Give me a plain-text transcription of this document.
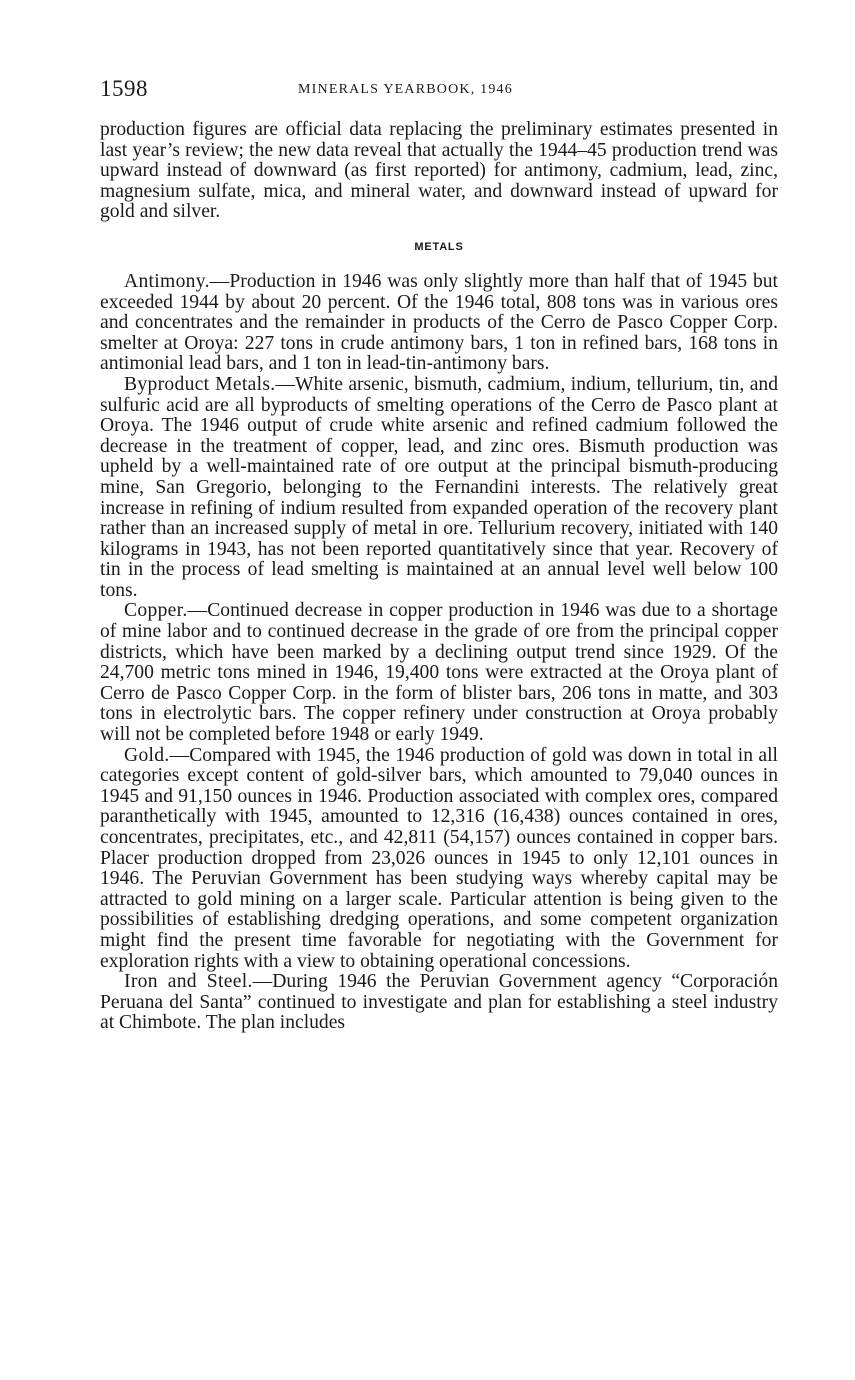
1598	MINERALS YEARBOOK, 1946

production figures are official data replacing the preliminary estimates presented in last year’s review; the new data reveal that actually the 1944–45 production trend was upward instead of downward (as first reported) for antimony, cadmium, lead, zinc, magnesium sulfate, mica, and mineral water, and downward instead of upward for gold and silver.

METALS

Antimony.—Production in 1946 was only slightly more than half that of 1945 but exceeded 1944 by about 20 percent. Of the 1946 total, 808 tons was in various ores and concentrates and the remainder in products of the Cerro de Pasco Copper Corp. smelter at Oroya: 227 tons in crude antimony bars, 1 ton in refined bars, 168 tons in antimonial lead bars, and 1 ton in lead-tin-antimony bars.

Byproduct Metals.—White arsenic, bismuth, cadmium, indium, tellurium, tin, and sulfuric acid are all byproducts of smelting operations of the Cerro de Pasco plant at Oroya. The 1946 output of crude white arsenic and refined cadmium followed the decrease in the treatment of copper, lead, and zinc ores. Bismuth production was upheld by a well-maintained rate of ore output at the principal bismuth-producing mine, San Gregorio, belonging to the Fernandini interests. The relatively great increase in refining of indium resulted from expanded operation of the recovery plant rather than an increased supply of metal in ore. Tellurium recovery, initiated with 140 kilograms in 1943, has not been reported quantitatively since that year. Recovery of tin in the process of lead smelting is maintained at an annual level well below 100 tons.

Copper.—Continued decrease in copper production in 1946 was due to a shortage of mine labor and to continued decrease in the grade of ore from the principal copper districts, which have been marked by a declining output trend since 1929. Of the 24,700 metric tons mined in 1946, 19,400 tons were extracted at the Oroya plant of Cerro de Pasco Copper Corp. in the form of blister bars, 206 tons in matte, and 303 tons in electrolytic bars. The copper refinery under construction at Oroya probably will not be completed before 1948 or early 1949.

Gold.—Compared with 1945, the 1946 production of gold was down in total in all categories except content of gold-silver bars, which amounted to 79,040 ounces in 1945 and 91,150 ounces in 1946. Production associated with complex ores, compared paranthetically with 1945, amounted to 12,316 (16,438) ounces contained in ores, concentrates, precipitates, etc., and 42,811 (54,157) ounces contained in copper bars. Placer production dropped from 23,026 ounces in 1945 to only 12,101 ounces in 1946. The Peruvian Government has been studying ways whereby capital may be attracted to gold mining on a larger scale. Particular attention is being given to the possibilities of establishing dredging operations, and some competent organization might find the present time favorable for negotiating with the Government for exploration rights with a view to obtaining operational concessions.

Iron and Steel.—During 1946 the Peruvian Government agency “Corporación Peruana del Santa” continued to investigate and plan for establishing a steel industry at Chimbote. The plan includes
